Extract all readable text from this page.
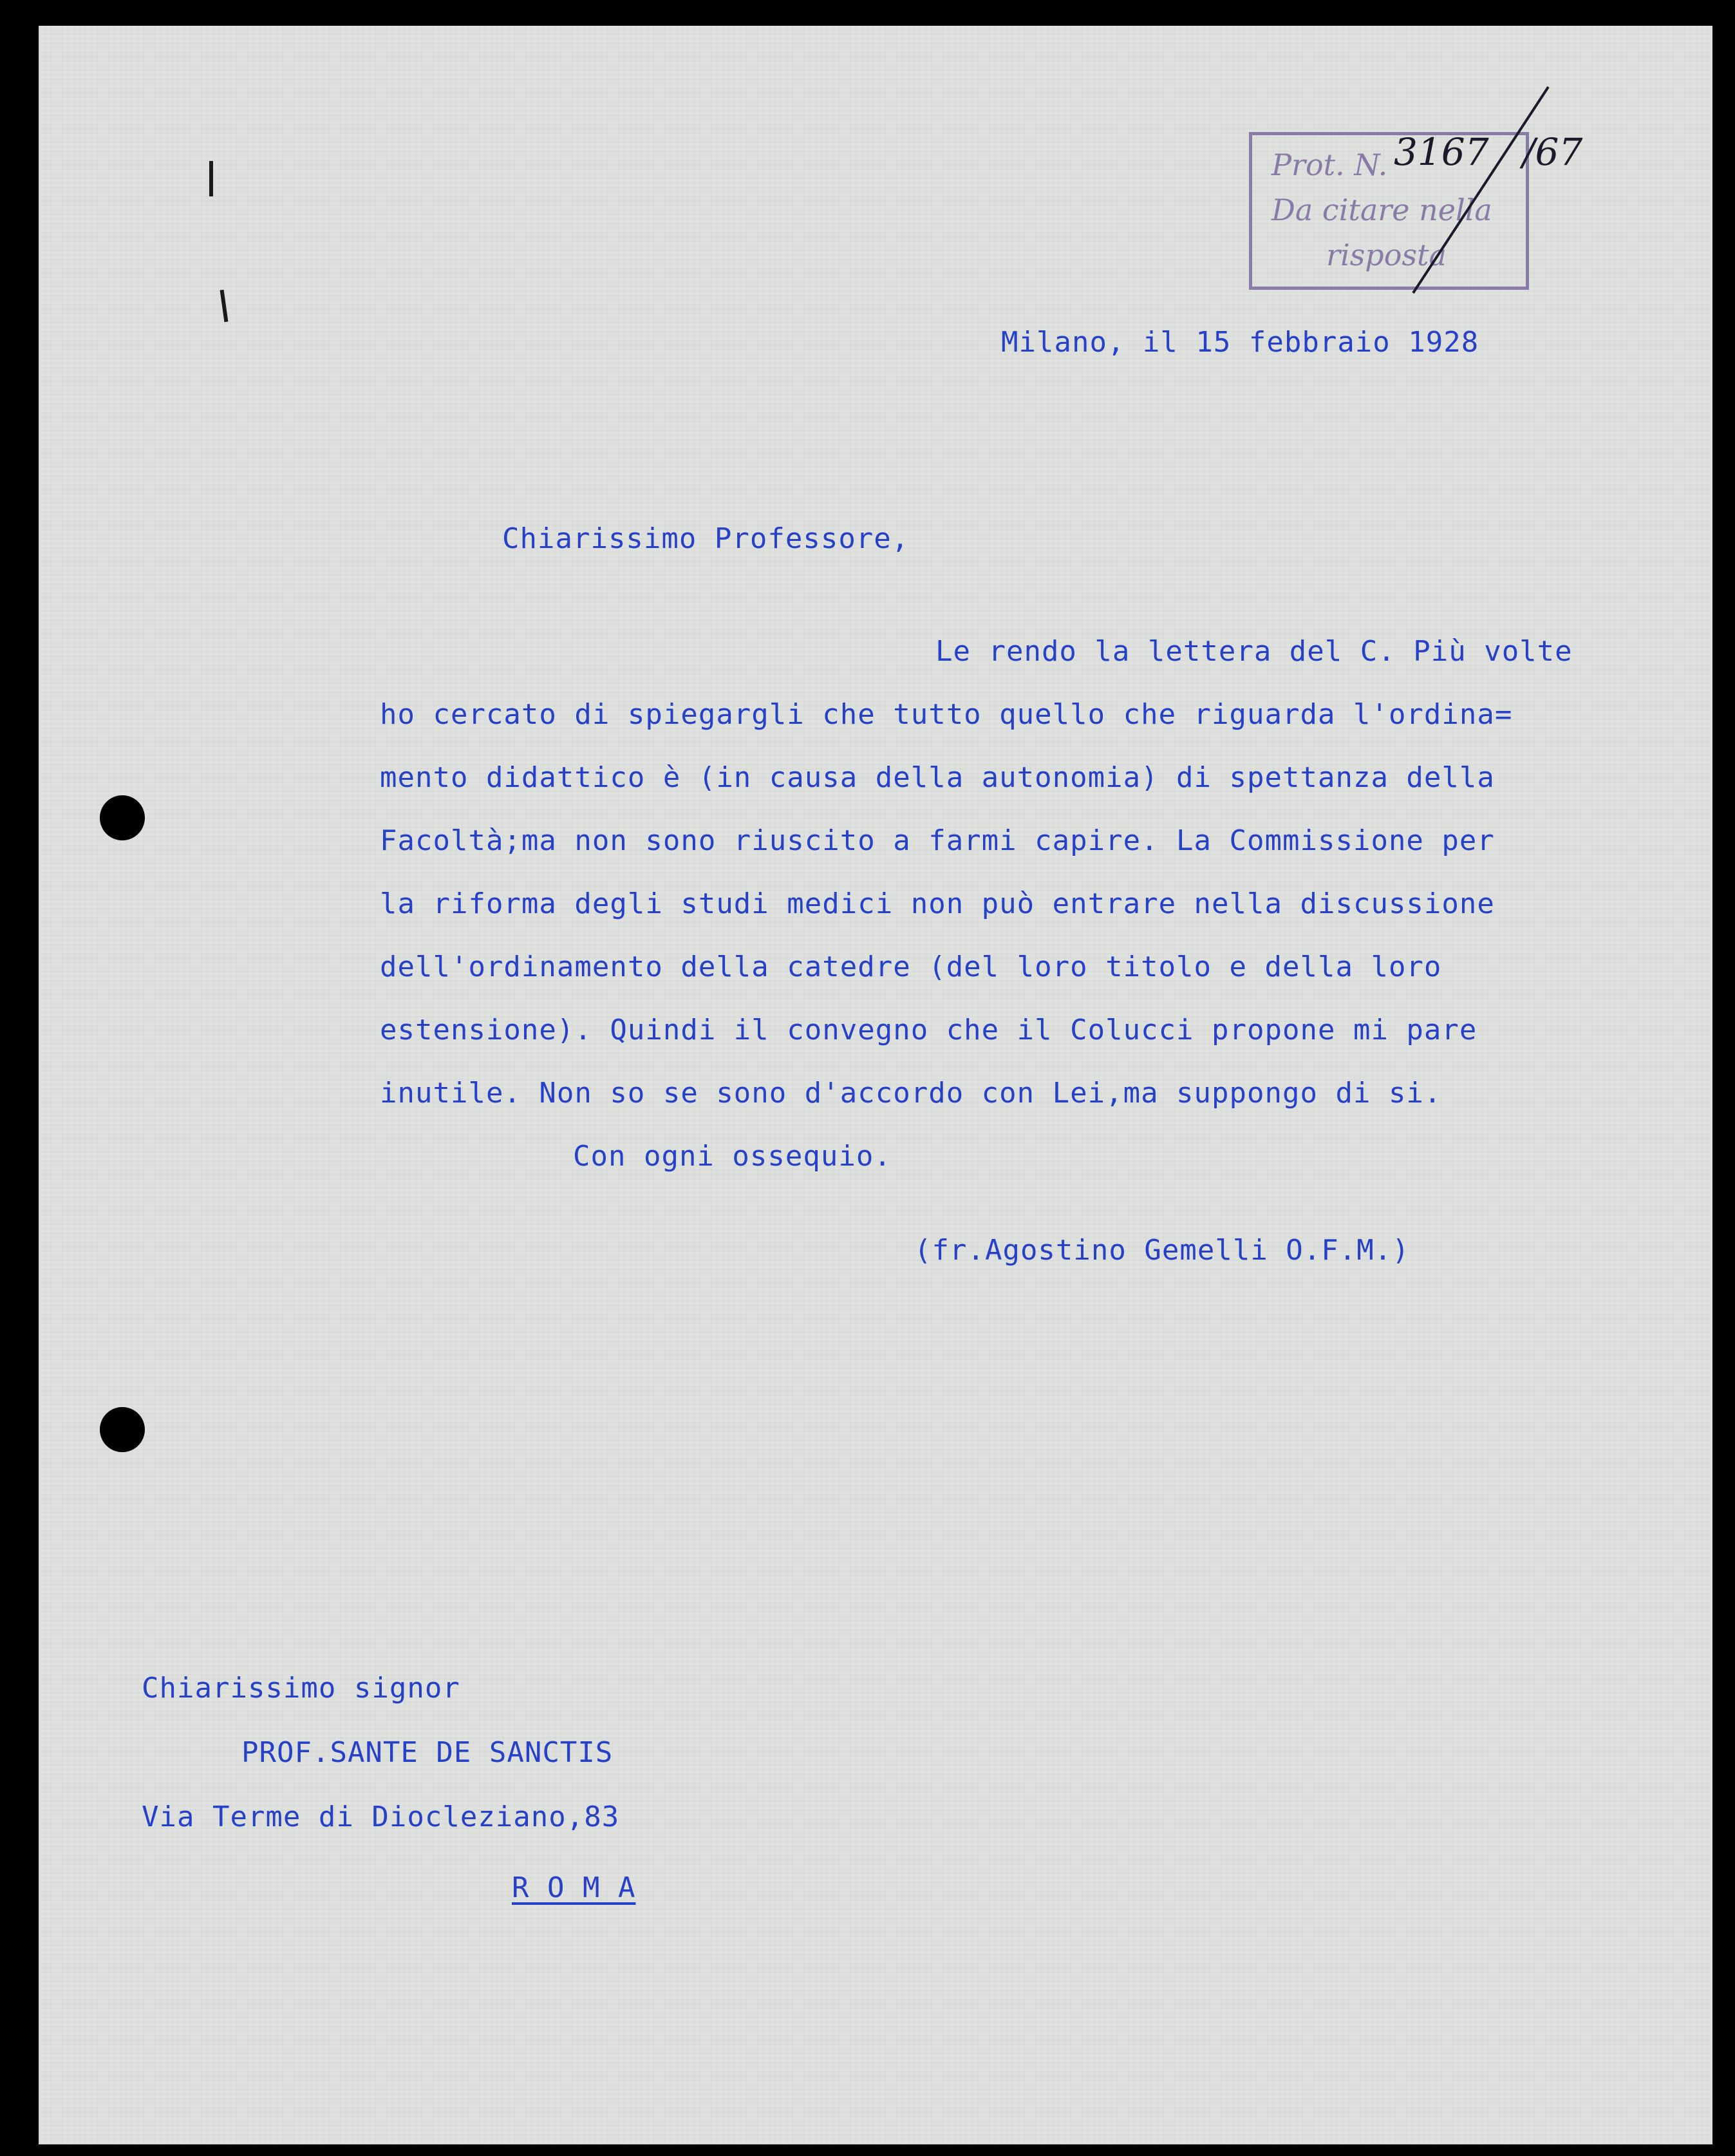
Prot. N.
Da citare nella
risposta
3167 /67
Milano, il 15 febbraio 1928
Chiarissimo Professore,
Le rendo la lettera del C. Più volte
ho cercato di spiegargli che tutto quello che riguarda l'ordina=
mento didattico è (in causa della autonomia) di spettanza della
Facoltà;ma non sono riuscito a farmi capire. La Commissione per
la riforma degli studi medici non può entrare nella discussione
dell'ordinamento della catedre (del loro titolo e della loro
estensione). Quindi il convegno che il Colucci propone mi pare
inutile. Non so se sono d'accordo con Lei,ma suppongo di si.
Con ogni ossequio.
(fr.Agostino Gemelli O.F.M.)
Chiarissimo signor
PROF.SANTE DE SANCTIS
Via Terme di Diocleziano,83
R O M A
